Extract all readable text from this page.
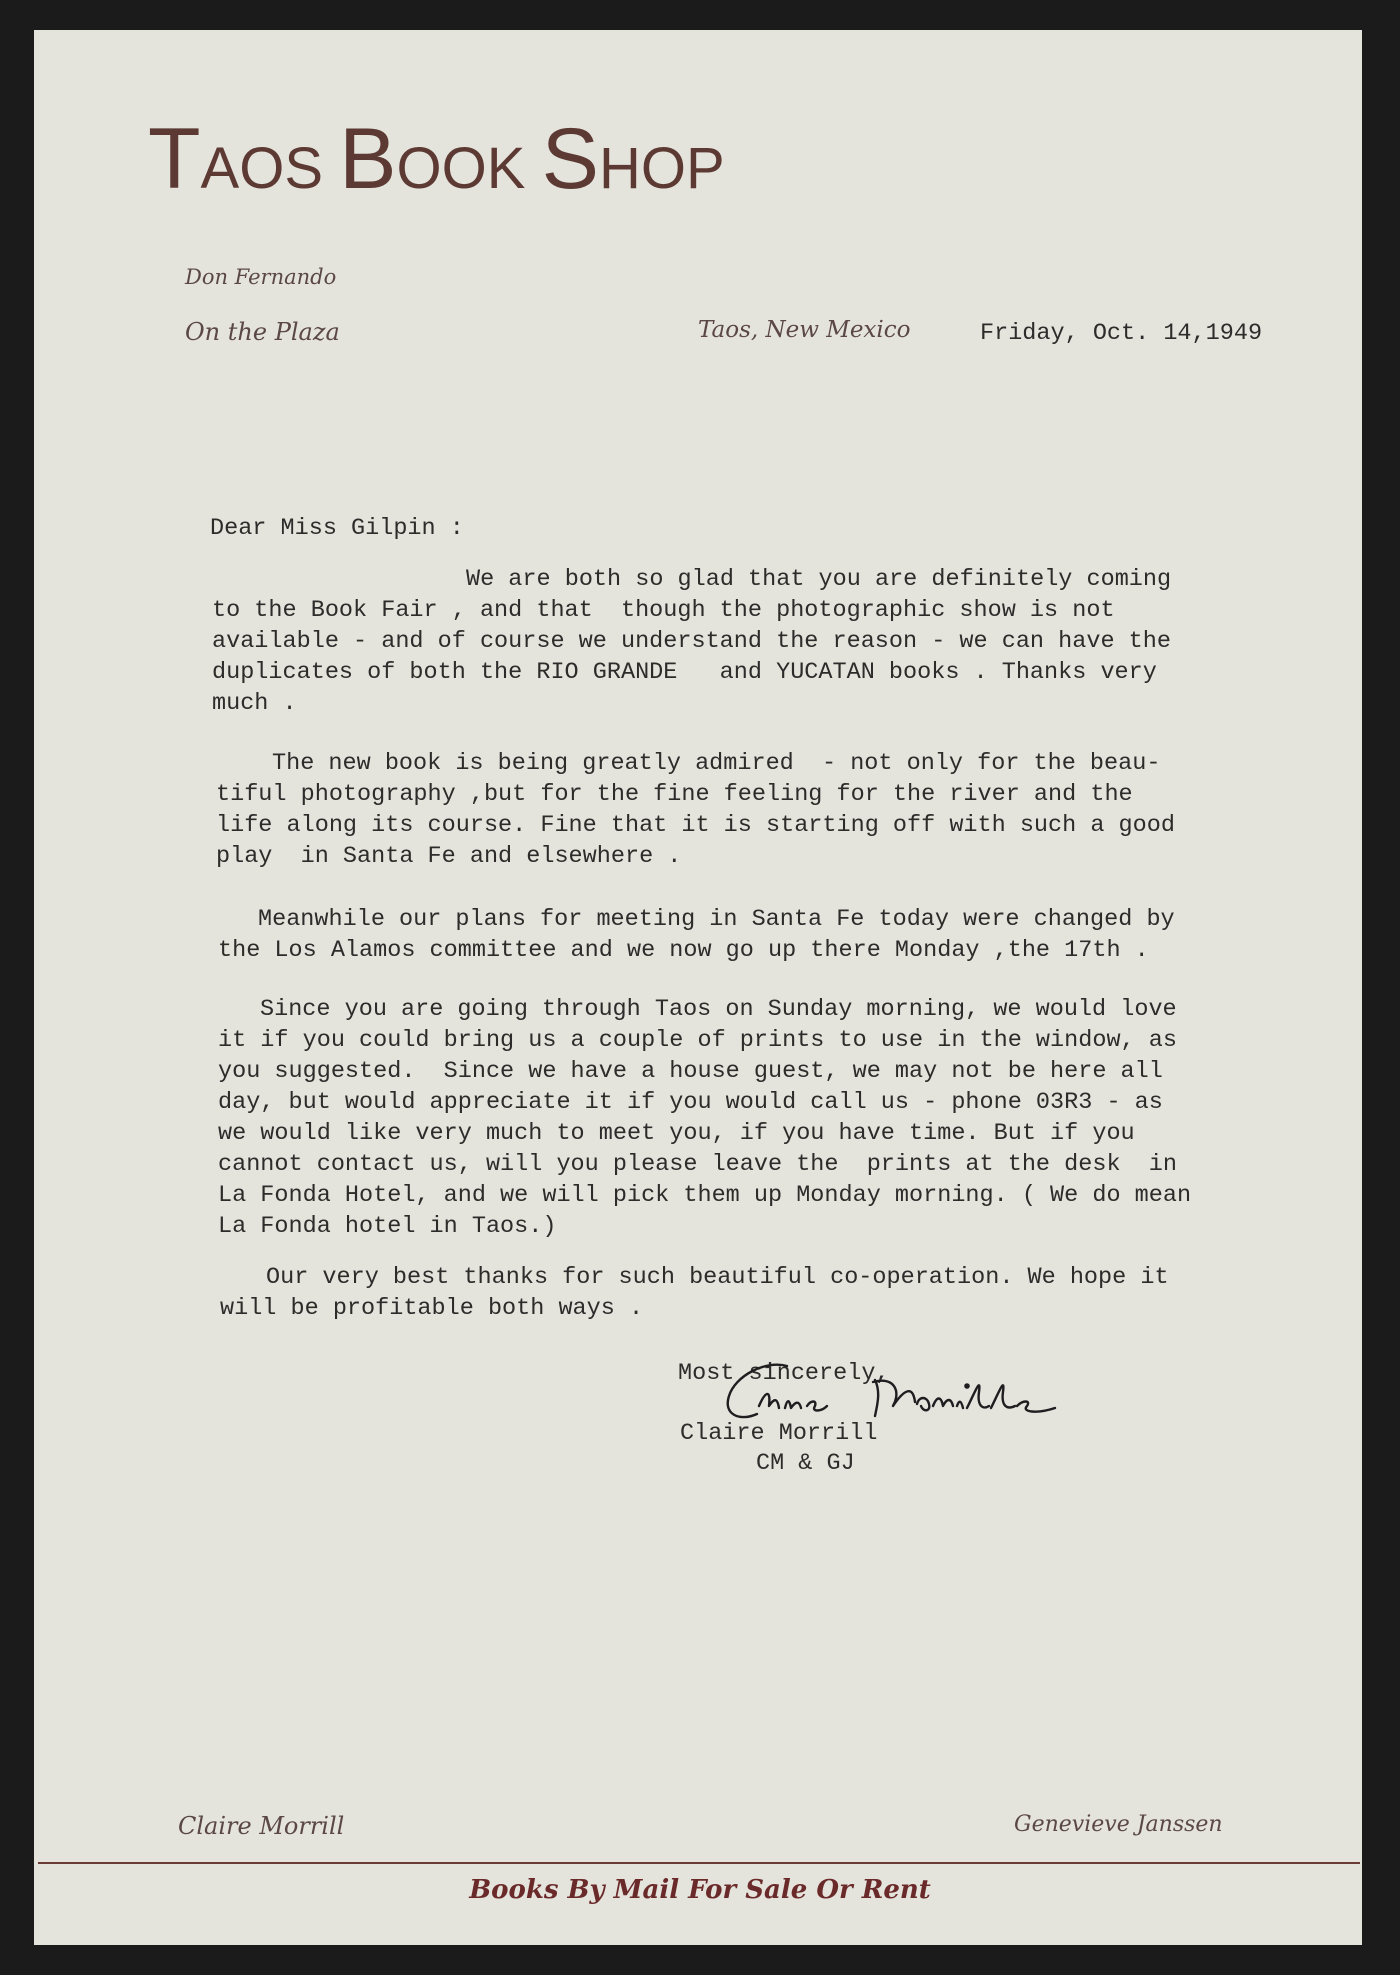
TAOS BOOK SHOP
Don Fernando
On the Plaza	Taos, New Mexico	Friday, Oct. 14,1949
Dear Miss Gilpin :
We are both so glad that you are definitely coming
to the Book Fair , and that  though the photographic show is not
available - and of course we understand the reason - we can have the
duplicates of both the RIO GRANDE   and YUCATAN books . Thanks very
much .
The new book is being greatly admired  - not only for the beau-
tiful photography ,but for the fine feeling for the river and the
life along its course. Fine that it is starting off with such a good
play  in Santa Fe and elsewhere .
Meanwhile our plans for meeting in Santa Fe today were changed by
the Los Alamos committee and we now go up there Monday ,the 17th .
Since you are going through Taos on Sunday morning, we would love
it if you could bring us a couple of prints to use in the window, as
you suggested.  Since we have a house guest, we may not be here all
day, but would appreciate it if you would call us - phone 03R3 - as
we would like very much to meet you, if you have time. But if you
cannot contact us, will you please leave the  prints at the desk  in
La Fonda Hotel, and we will pick them up Monday morning. ( We do mean
La Fonda hotel in Taos.)
Our very best thanks for such beautiful co-operation. We hope it
will be profitable both ways .
Most sincerely,
Claire Morrill
CM & GJ
Claire Morrill	Genevieve Janssen
Books By Mail For Sale Or Rent
